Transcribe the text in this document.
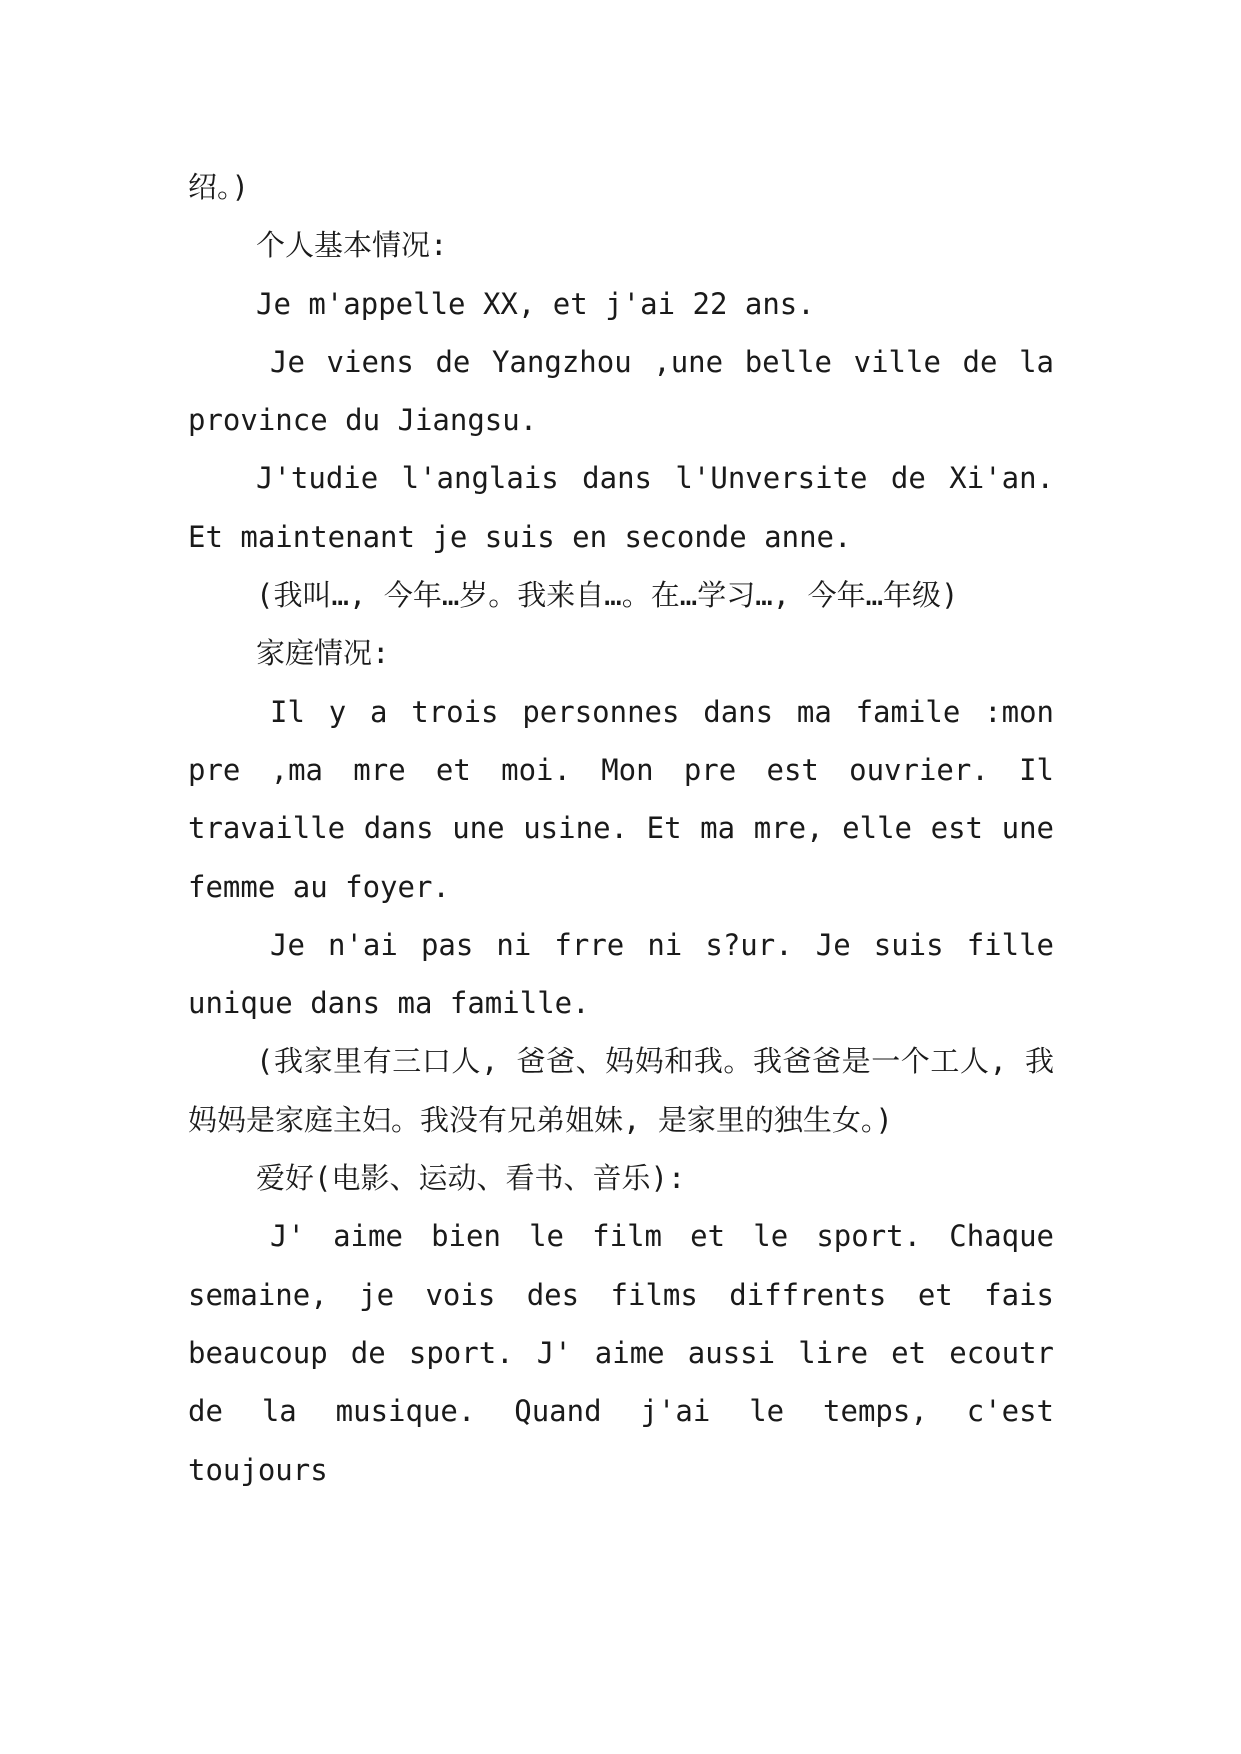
绍。)

个人基本情况:

Je m'appelle XX, et j'ai 22 ans.

Je viens de Yangzhou ,une belle ville de la province du Jiangsu.

J'tudie l'anglais dans l'Unversite de Xi'an. Et maintenant je suis en seconde anne.

(我叫…, 今年…岁。我来自…。在…学习…, 今年…年级)

家庭情况:

Il y a trois personnes dans ma famile :mon pre ,ma mre et moi. Mon pre est ouvrier. Il travaille dans une usine. Et ma mre, elle est une femme au foyer.

Je n'ai pas ni frre ni s?ur. Je suis fille unique dans ma famille.

(我家里有三口人, 爸爸、妈妈和我。我爸爸是一个工人, 我妈妈是家庭主妇。我没有兄弟姐妹, 是家里的独生女。)

爱好(电影、运动、看书、音乐):

J' aime bien le film et le sport. Chaque semaine, je vois des films diffrents et fais beaucoup de sport. J' aime aussi lire et ecoutr de la musique. Quand j'ai le temps, c'est toujours
